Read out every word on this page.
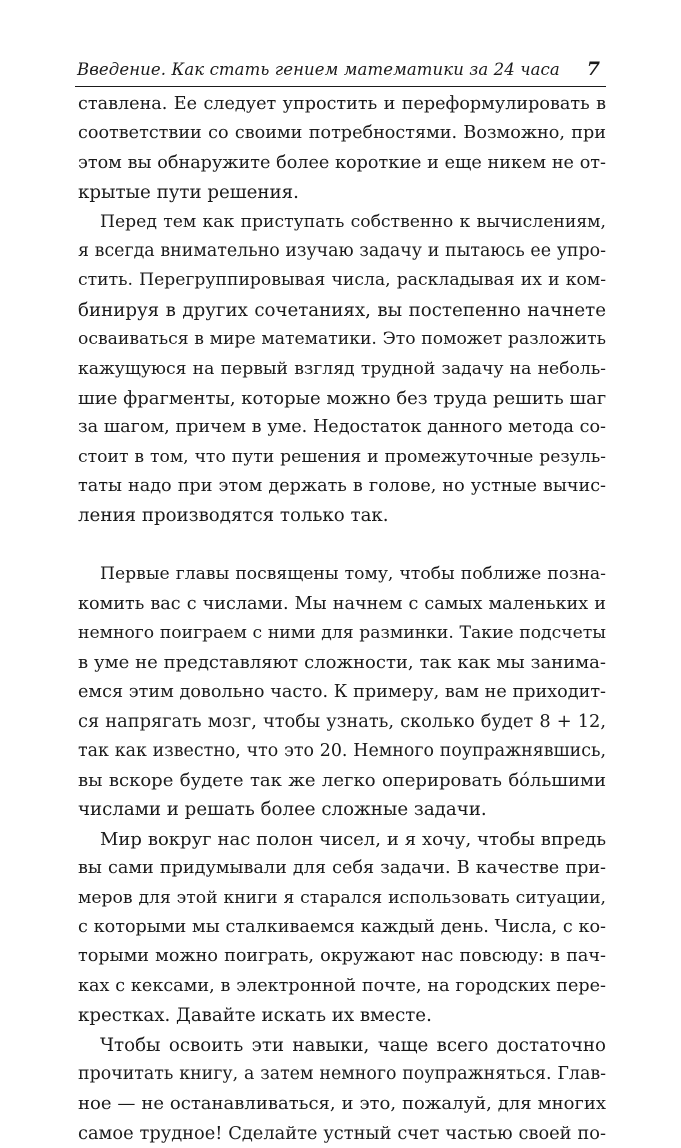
Введение. Как стать гением математики за 24 часа 7
ставлена. Ее следует упростить и переформулировать в
соответствии со своими потребностями. Возможно, при
этом вы обнаружите более короткие и еще никем не от-
крытые пути решения.
Перед тем как приступать собственно к вычислениям,
я всегда внимательно изучаю задачу и пытаюсь ее упро-
стить. Перегруппировывая числа, раскладывая их и ком-
бинируя в других сочетаниях, вы постепенно начнете
осваиваться в мире математики. Это поможет разложить
кажущуюся на первый взгляд трудной задачу на неболь-
шие фрагменты, которые можно без труда решить шаг
за шагом, причем в уме. Недостаток данного метода со-
стоит в том, что пути решения и промежуточные резуль-
таты надо при этом держать в голове, но устные вычис-
ления производятся только так.
Первые главы посвящены тому, чтобы поближе позна-
комить вас с числами. Мы начнем с самых маленьких и
немного поиграем с ними для разминки. Такие подсчеты
в уме не представляют сложности, так как мы занима-
емся этим довольно часто. К примеру, вам не приходит-
ся напрягать мозг, чтобы узнать, сколько будет 8 + 12,
так как известно, что это 20. Немного поупражнявшись,
вы вскоре будете так же легко оперировать бóльшими
числами и решать более сложные задачи.
Мир вокруг нас полон чисел, и я хочу, чтобы впредь
вы сами придумывали для себя задачи. В качестве при-
меров для этой книги я старался использовать ситуации,
с которыми мы сталкиваемся каждый день. Числа, с ко-
торыми можно поиграть, окружают нас повсюду: в пач-
ках с кексами, в электронной почте, на городских пере-
крестках. Давайте искать их вместе.
Чтобы освоить эти навыки, чаще всего достаточно
прочитать книгу, а затем немного поупражняться. Глав-
ное — не останавливаться, и это, пожалуй, для многих
самое трудное! Сделайте устный счет частью своей по-
